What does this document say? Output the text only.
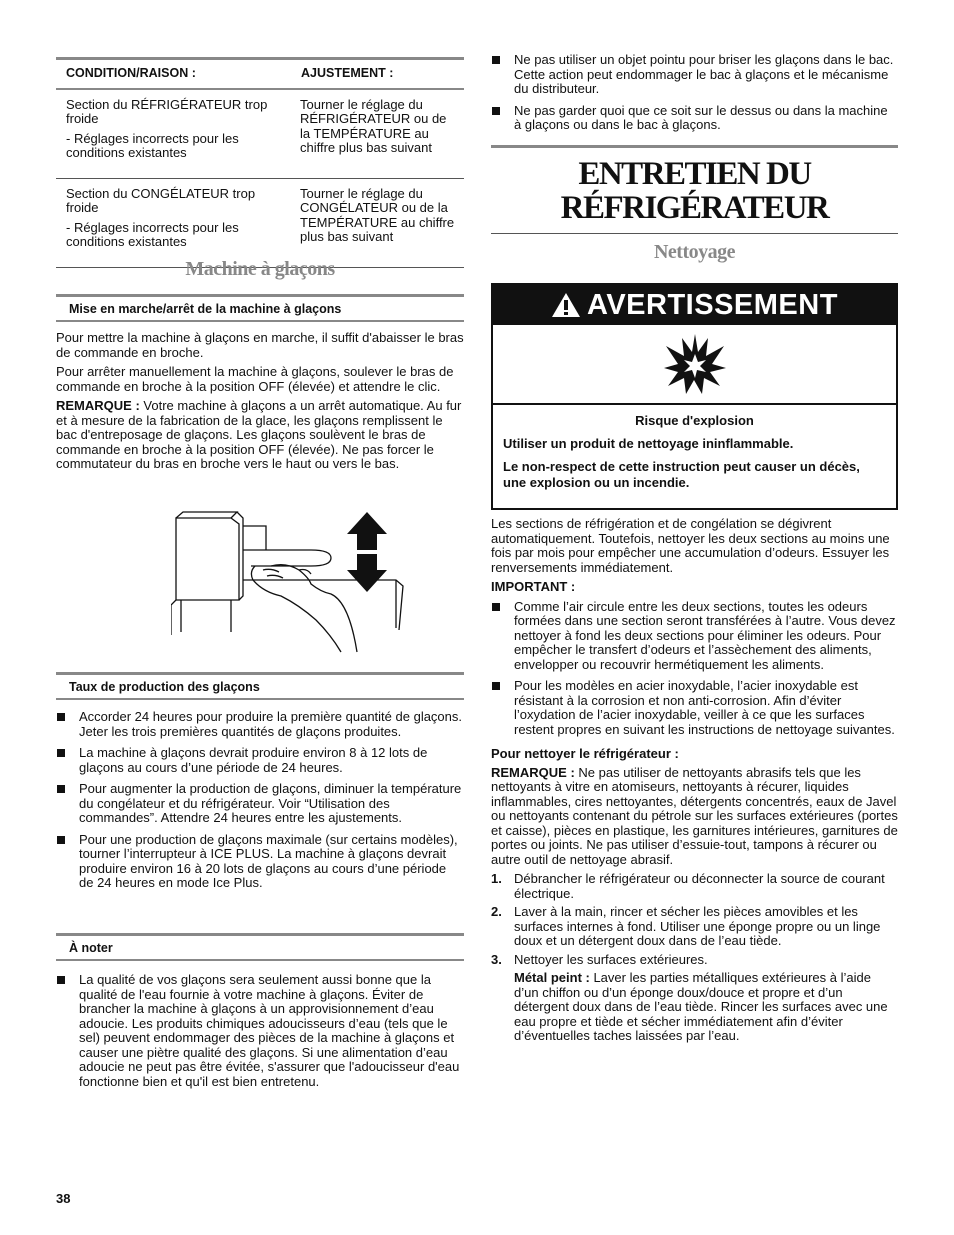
CONDITION/RAISON :	AJUSTEMENT :

Section du RÉFRIGÉRATEUR trop froide

- Réglages incorrects pour les conditions existantes	Tourner le réglage du RÉFRIGÉRATEUR ou de la TEMPÉRATURE au chiffre plus bas suivant

Section du CONGÉLATEUR trop froide

- Réglages incorrects pour les conditions existantes	Tourner le réglage du CONGÉLATEUR ou de la TEMPÉRATURE au chiffre plus bas suivant
Machine à glaçons
Mise en marche/arrêt de la machine à glaçons

Pour mettre la machine à glaçons en marche, il suffit d'abaisser le bras de commande en broche.

Pour arrêter manuellement la machine à glaçons, soulever le bras de commande en broche à la position OFF (élevée) et attendre le clic.

REMARQUE : Votre machine à glaçons a un arrêt automatique. Au fur et à mesure de la fabrication de la glace, les glaçons remplissent le bac d'entreposage de glaçons. Les glaçons soulèvent le bras de commande en broche à la position OFF (élevée). Ne pas forcer le commutateur du bras en broche vers le haut ou vers le bas.

Taux de production des glaçons
Accorder 24 heures pour produire la première quantité de glaçons. Jeter les trois premières quantités de glaçons produites.
La machine à glaçons devrait produire environ 8 à 12 lots de glaçons au cours d’une période de 24 heures.
Pour augmenter la production de glaçons, diminuer la température du congélateur et du réfrigérateur. Voir “Utilisation des commandes”. Attendre 24 heures entre les ajustements.
Pour une production de glaçons maximale (sur certains modèles), tourner l’interrupteur à ICE PLUS. La machine à glaçons devrait produire environ 16 à 20 lots de glaçons au cours d’une période de 24 heures en mode Ice Plus.
À noter
La qualité de vos glaçons sera seulement aussi bonne que la qualité de l'eau fournie à votre machine à glaçons. Éviter de brancher la machine à glaçons à un approvisionnement d’eau adoucie. Les produits chimiques adoucisseurs d’eau (tels que le sel) peuvent endommager des pièces de la machine à glaçons et causer une piètre qualité des glaçons. Si une alimentation d’eau adoucie ne peut pas être évitée, s'assurer que l'adoucisseur d'eau fonctionne bien et qu'il est bien entretenu.
Ne pas utiliser un objet pointu pour briser les glaçons dans le bac. Cette action peut endommager le bac à glaçons et le mécanisme du distributeur.
Ne pas garder quoi que ce soit sur le dessus ou dans la machine à glaçons ou dans le bac à glaçons.
ENTRETIEN DU
RÉFRIGÉRATEUR
Nettoyage
AVERTISSEMENT

Risque d'explosion

Utiliser un produit de nettoyage ininflammable.

Le non-respect de cette instruction peut causer un décès, une explosion ou un incendie.

Les sections de réfrigération et de congélation se dégivrent automatiquement. Toutefois, nettoyer les deux sections au moins une fois par mois pour empêcher une accumulation d’odeurs. Essuyer les renversements immédiatement.

IMPORTANT :

Comme l’air circule entre les deux sections, toutes les odeurs formées dans une section seront transférées à l’autre. Vous devez nettoyer à fond les deux sections pour éliminer les odeurs. Pour empêcher le transfert d’odeurs et l’assèchement des aliments, envelopper ou recouvrir hermétiquement les aliments.
Pour les modèles en acier inoxydable, l’acier inoxydable est résistant à la corrosion et non anti-corrosion. Afin d’éviter l’oxydation de l’acier inoxydable, veiller à ce que les surfaces restent propres en suivant les instructions de nettoyage suivantes.

Pour nettoyer le réfrigérateur :

REMARQUE : Ne pas utiliser de nettoyants abrasifs tels que les nettoyants à vitre en atomiseurs, nettoyants à récurer, liquides inflammables, cires nettoyantes, détergents concentrés, eaux de Javel ou nettoyants contenant du pétrole sur les surfaces extérieures (portes et caisse), pièces en plastique, les garnitures intérieures, garnitures de portes ou joints. Ne pas utiliser d’essuie-tout, tampons à récurer ou autre outil de nettoyage abrasif.

1. Débrancher le réfrigérateur ou déconnecter la source de courant électrique.
2. Laver à la main, rincer et sécher les pièces amovibles et les surfaces internes à fond. Utiliser une éponge propre ou un linge doux et un détergent doux dans de l’eau tiède.
3. Nettoyer les surfaces extérieures.

Métal peint : Laver les parties métalliques extérieures à l’aide d’un chiffon ou d’un éponge doux/douce et propre et d’un détergent doux dans de l’eau tiède. Rincer les surfaces avec une eau propre et tiède et sécher immédiatement afin d’éviter d’éventuelles taches laissées par l’eau.

38
